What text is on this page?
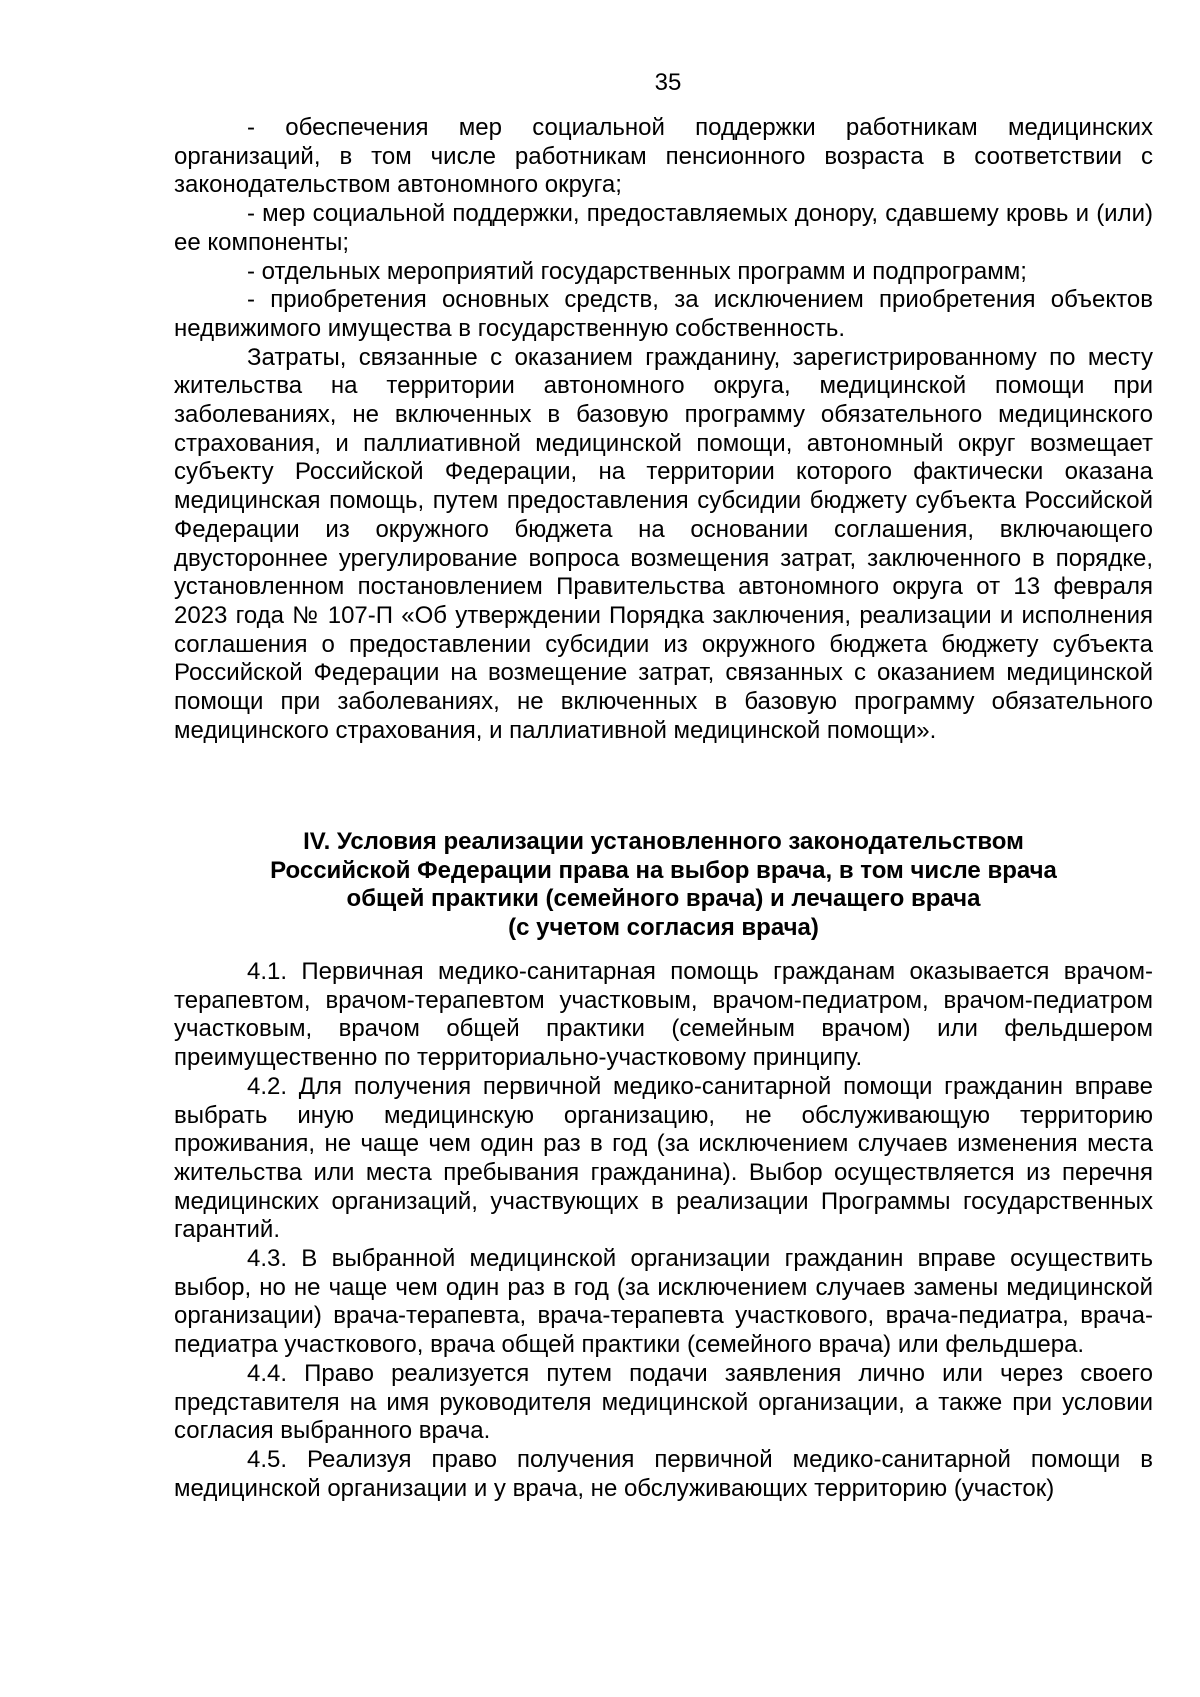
35

- обеспечения мер социальной поддержки работникам медицинских организаций, в том числе работникам пенсионного возраста в соответствии с законодательством автономного округа;

- мер социальной поддержки, предоставляемых донору, сдавшему кровь и (или) ее компоненты;

- отдельных мероприятий государственных программ и подпрограмм;

- приобретения основных средств, за исключением приобретения объектов недвижимого имущества в государственную собственность.

Затраты, связанные с оказанием гражданину, зарегистрированному по месту жительства на территории автономного округа, медицинской помощи при заболеваниях, не включенных в базовую программу обязательного медицинского страхования, и паллиативной медицинской помощи, автономный округ возмещает субъекту Российской Федерации, на территории которого фактически оказана медицинская помощь, путем предоставления субсидии бюджету субъекта Российской Федерации из окружного бюджета на основании соглашения, включающего двустороннее урегулирование вопроса возмещения затрат, заключенного в порядке, установленном постановлением Правительства автономного округа от 13 февраля 2023 года № 107-П «Об утверждении Порядка заключения, реализации и исполнения соглашения о предоставлении субсидии из окружного бюджета бюджету субъекта Российской Федерации на возмещение затрат, связанных с оказанием медицинской помощи при заболеваниях, не включенных в базовую программу обязательного медицинского страхования, и паллиативной медицинской помощи».

IV. Условия реализации установленного законодательством
Российской Федерации права на выбор врача, в том числе врача
общей практики (семейного врача) и лечащего врача
(с учетом согласия врача)

4.1. Первичная медико-санитарная помощь гражданам оказывается врачом-терапевтом, врачом-терапевтом участковым, врачом-педиатром, врачом-педиатром участковым, врачом общей практики (семейным врачом) или фельдшером преимущественно по территориально-участковому принципу.

4.2. Для получения первичной медико-санитарной помощи гражданин вправе выбрать иную медицинскую организацию, не обслуживающую территорию проживания, не чаще чем один раз в год (за исключением случаев изменения места жительства или места пребывания гражданина). Выбор осуществляется из перечня медицинских организаций, участвующих в реализации Программы государственных гарантий.

4.3. В выбранной медицинской организации гражданин вправе осуществить выбор, но не чаще чем один раз в год (за исключением случаев замены медицинской организации) врача-терапевта, врача-терапевта участкового, врача-педиатра, врача-педиатра участкового, врача общей практики (семейного врача) или фельдшера.

4.4. Право реализуется путем подачи заявления лично или через своего представителя на имя руководителя медицинской организации, а также при условии согласия выбранного врача.

4.5. Реализуя право получения первичной медико-санитарной помощи в медицинской организации и у врача, не обслуживающих территорию (участок)
